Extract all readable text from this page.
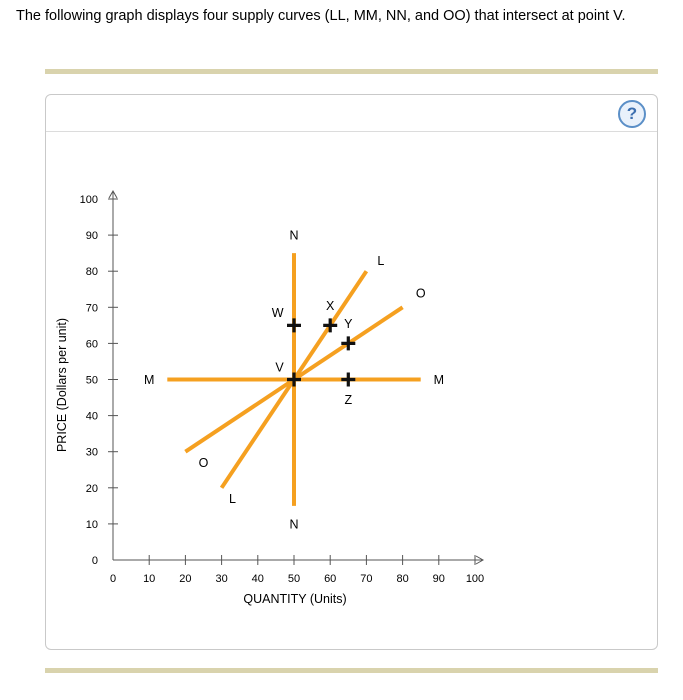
The following graph displays four supply curves (LL, MM, NN, and OO) that intersect at point V.
?
0 10 20 30 40 50 60 70 80 90 100
0
10
20
30
40
50
60
70
80
90
100
L
L
M	M
N
N
O
O
V
W
X
Y
Z
PRICE (Dollars per unit)
QUANTITY (Units)
